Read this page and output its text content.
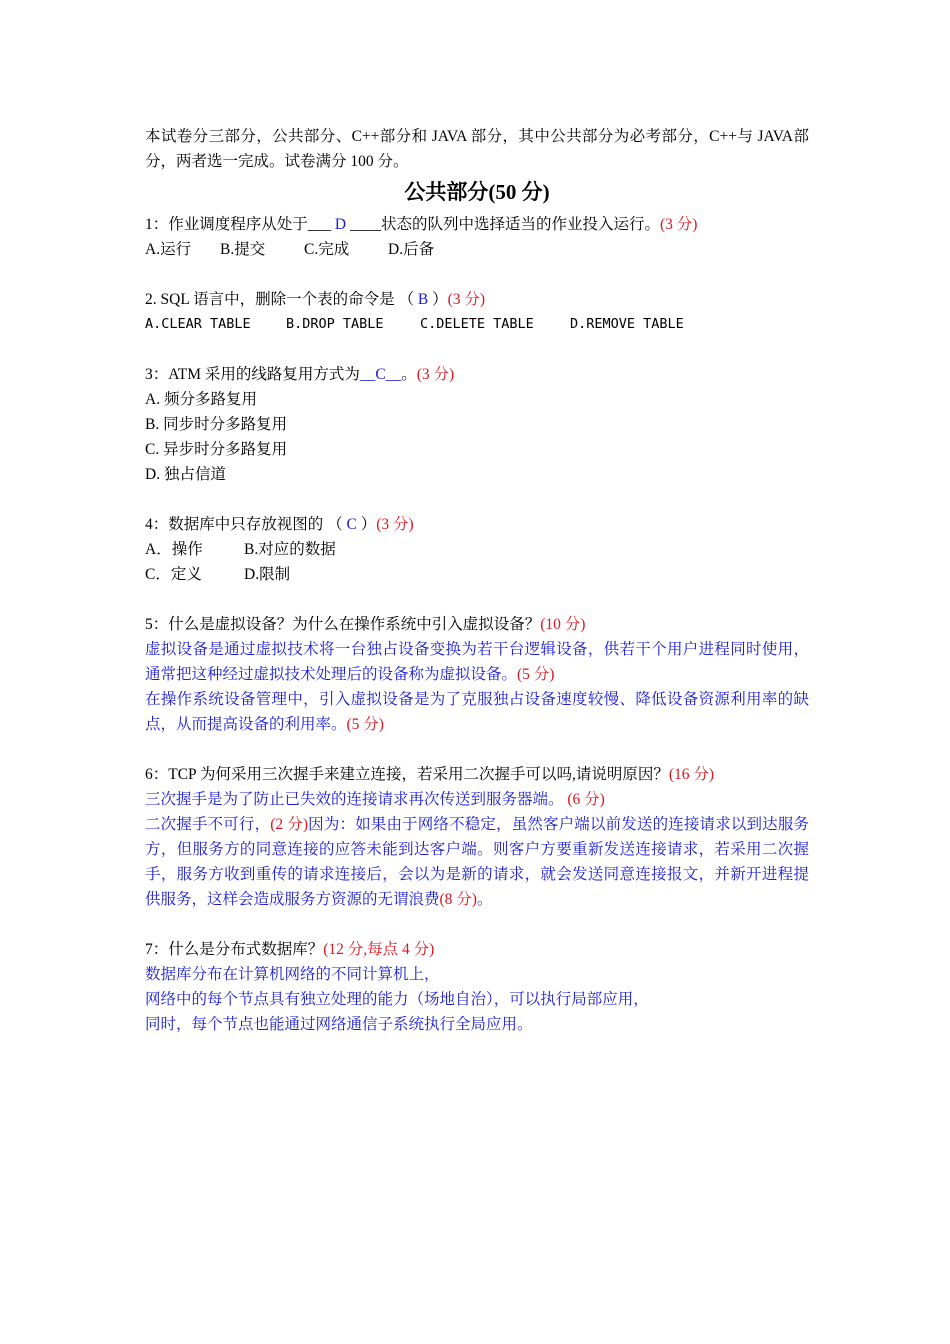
本试卷分三部分，公共部分、C++部分和 JAVA 部分，其中公共部分为必考部分，C++与 JAVA部分，两者选一完成。试卷满分 100 分。
公共部分(50 分)
1：作业调度程序从处于___ D ____状态的队列中选择适当的作业投入运行。(3 分)
A.运行 B.提交	C.完成	D.后备
2. SQL 语言中，删除一个表的命令是 （ B ）(3 分)
A.CLEAR TABLE	B.DROP TABLE	C.DELETE TABLE	D.REMOVE TABLE
3：ATM 采用的线路复用方式为__C__。(3 分)
A. 频分多路复用
B. 同步时分多路复用
C. 异步时分多路复用
D. 独占信道
4：数据库中只存放视图的 （ C ）(3 分)
A．操作	B.对应的数据
C．定义	D.限制
5：什么是虚拟设备？为什么在操作系统中引入虚拟设备？(10 分)
虚拟设备是通过虚拟技术将一台独占设备变换为若干台逻辑设备，供若干个用户进程同时使用，通常把这种经过虚拟技术处理后的设备称为虚拟设备。(5 分)
在操作系统设备管理中，引入虚拟设备是为了克服独占设备速度较慢、降低设备资源利用率的缺点，从而提高设备的利用率。(5 分)
6：TCP 为何采用三次握手来建立连接，若采用二次握手可以吗,请说明原因？(16 分)
三次握手是为了防止已失效的连接请求再次传送到服务器端。 (6 分)
二次握手不可行，(2 分)因为：如果由于网络不稳定，虽然客户端以前发送的连接请求以到达服务方，但服务方的同意连接的应答未能到达客户端。则客户方要重新发送连接请求，若采用二次握手，服务方收到重传的请求连接后，会以为是新的请求，就会发送同意连接报文，并新开进程提供服务，这样会造成服务方资源的无谓浪费(8 分)。
7：什么是分布式数据库？(12 分,每点 4 分)
数据库分布在计算机网络的不同计算机上，
网络中的每个节点具有独立处理的能力（场地自治），可以执行局部应用，
同时，每个节点也能通过网络通信子系统执行全局应用。
